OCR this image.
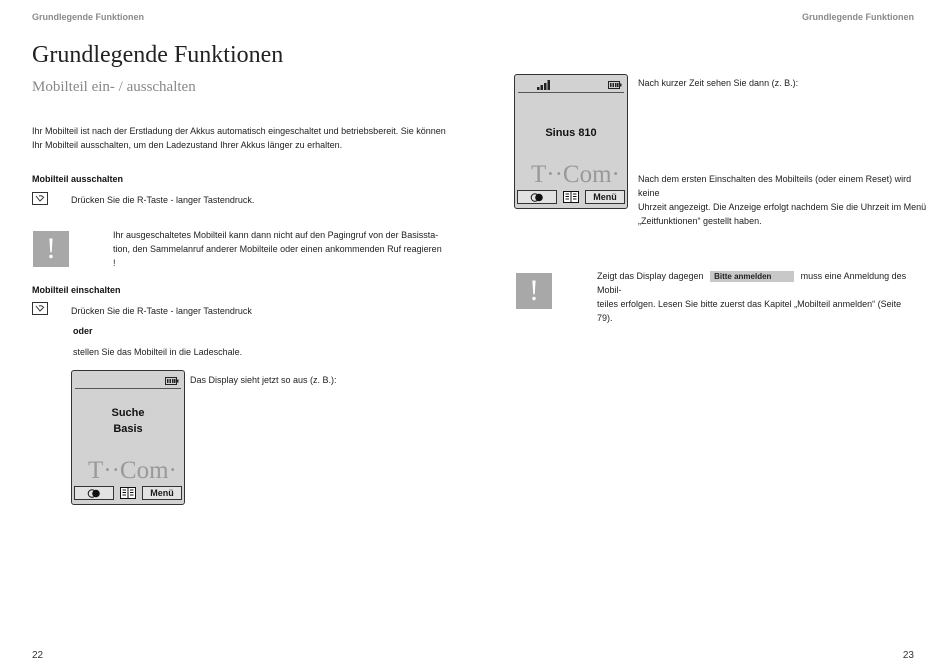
Grundlegende Funktionen	Grundlegende Funktionen
Grundlegende Funktionen
Mobilteil ein- / ausschalten
Ihr Mobilteil ist nach der Erstladung der Akkus automatisch eingeschaltet und betriebsbereit. Sie können
Ihr Mobilteil ausschalten, um den Ladezustand Ihrer Akkus länger zu erhalten.
Mobilteil ausschalten
Drücken Sie die R-Taste - langer Tastendruck.
!	Ihr ausgeschaltetes Mobilteil kann dann nicht auf den Pagingruf von der Basissta-
tion, den Sammelanruf anderer Mobilteile oder einen ankommenden Ruf reagieren !
Mobilteil einschalten
Drücken Sie die R-Taste - langer Tastendruck
oder
stellen Sie das Mobilteil in die Ladeschale.
Suche
Basis
T··Com·
Menü
Das Display sieht jetzt so aus (z. B.):
22
Sinus 810
T··Com·
Menü
Nach kurzer Zeit sehen Sie dann (z. B.):
Nach dem ersten Einschalten des Mobilteils (oder einem Reset) wird keine
Uhrzeit angezeigt. Die Anzeige erfolgt nachdem Sie die Uhrzeit im Menü
„Zeitfunktionen“ gestellt haben.
!	Zeigt das Display dagegen Bitte anmelden	muss eine Anmeldung des Mobil-
teiles erfolgen. Lesen Sie bitte zuerst das Kapitel „Mobilteil anmelden“ (Seite 79).
23
